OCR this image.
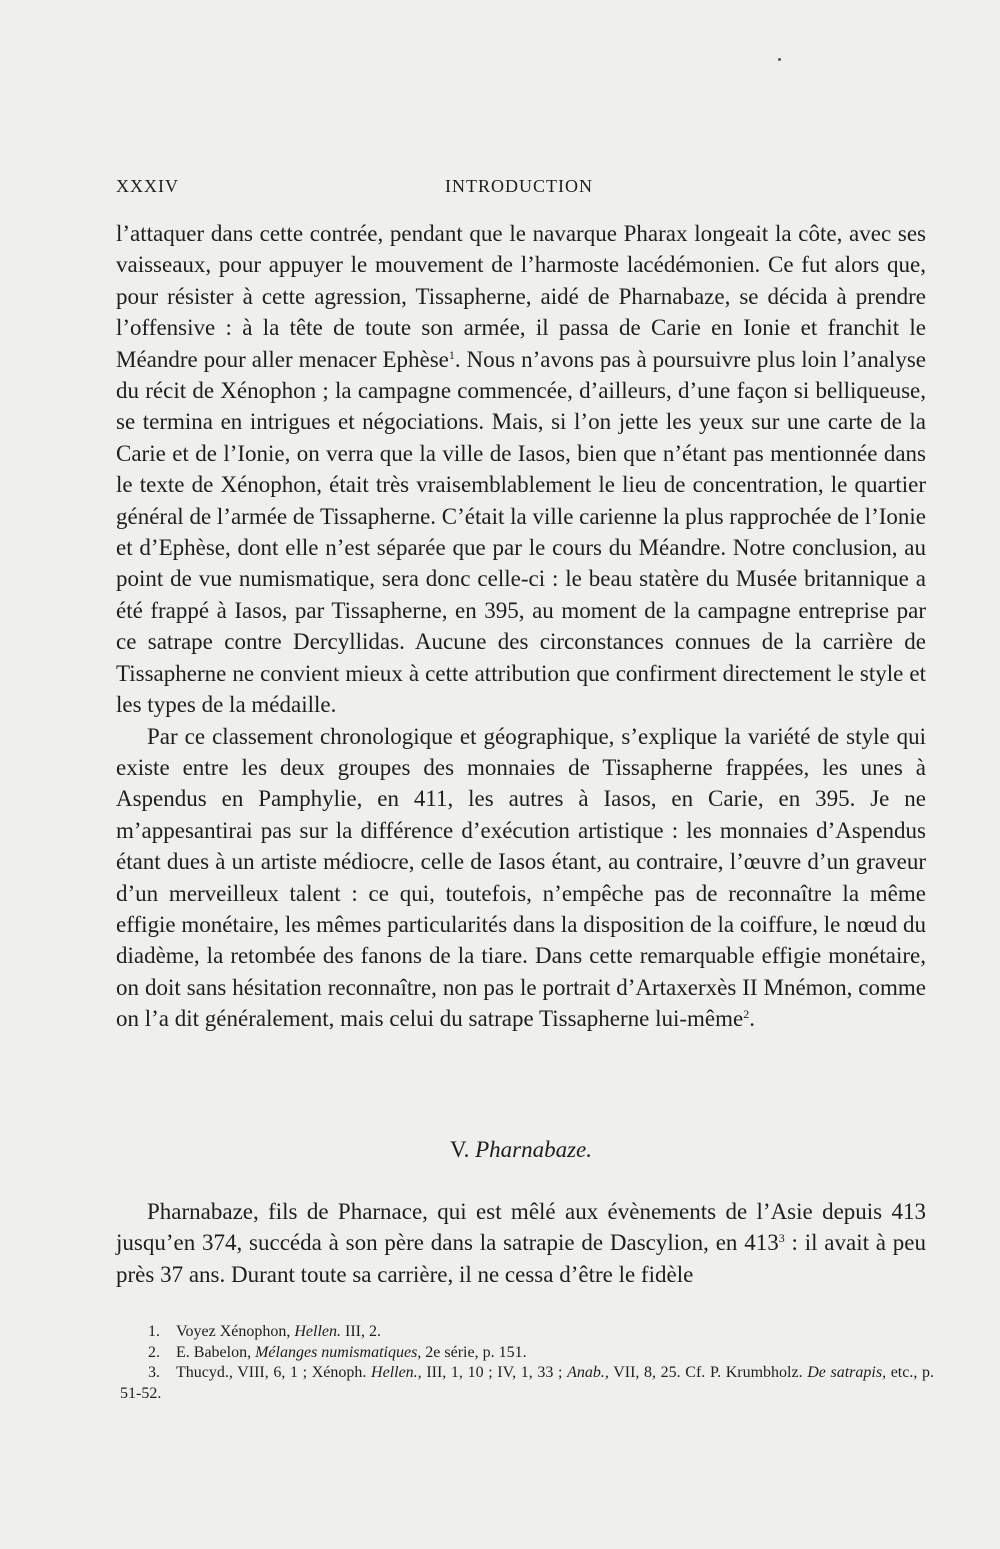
XXXIV	INTRODUCTION

l’attaquer dans cette contrée, pendant que le navarque Pharax longeait la côte, avec ses vaisseaux, pour appuyer le mouvement de l’harmoste lacédémonien. Ce fut alors que, pour résister à cette agression, Tissapherne, aidé de Pharnabaze, se décida à prendre l’offensive : à la tête de toute son armée, il passa de Carie en Ionie et franchit le Méandre pour aller menacer Ephèse$^1$. Nous n’avons pas à poursuivre plus loin l’analyse du récit de Xénophon ; la campagne commencée, d’ailleurs, d’une façon si belliqueuse, se termina en intrigues et négociations. Mais, si l’on jette les yeux sur une carte de la Carie et de l’Ionie, on verra que la ville de Iasos, bien que n’étant pas mentionnée dans le texte de Xénophon, était très vraisemblablement le lieu de concentration, le quartier général de l’armée de Tissapherne. C’était la ville carienne la plus rapprochée de l’Ionie et d’Ephèse, dont elle n’est séparée que par le cours du Méandre. Notre conclusion, au point de vue numismatique, sera donc celle-ci : le beau statère du Musée britannique a été frappé à Iasos, par Tissapherne, en 395, au moment de la campagne entreprise par ce satrape contre Dercyllidas. Aucune des circonstances connues de la carrière de Tissapherne ne convient mieux à cette attribution que confirment directement le style et les types de la médaille.

Par ce classement chronologique et géographique, s’explique la variété de style qui existe entre les deux groupes des monnaies de Tissapherne frappées, les unes à Aspendus en Pamphylie, en 411, les autres à Iasos, en Carie, en 395. Je ne m’appesantirai pas sur la différence d’exécution artistique : les monnaies d’Aspendus étant dues à un artiste médiocre, celle de Iasos étant, au contraire, l’œuvre d’un graveur d’un merveilleux talent : ce qui, toutefois, n’empêche pas de reconnaître la même effigie monétaire, les mêmes particularités dans la disposition de la coiffure, le nœud du diadème, la retombée des fanons de la tiare. Dans cette remarquable effigie monétaire, on doit sans hésitation reconnaître, non pas le portrait d’Artaxerxès II Mnémon, comme on l’a dit généralement, mais celui du satrape Tissapherne lui-même$^2$.

V. Pharnabaze.
Pharnabaze, fils de Pharnace, qui est mêlé aux évènements de l’Asie depuis 413 jusqu’en 374, succéda à son père dans la satrapie de Dascylion, en $413^3$ : il avait à peu près 37 ans. Durant toute sa carrière, il ne cessa d’être le fidèle

1. Voyez Xénophon, Hellen. III, 2.

2. E. Babelon, Mélanges numismatiques, 2e série, p. 151.

3. Thucyd., VIII, 6, 1 ; Xénoph. Hellen., III, 1, 10 ; IV, 1, 33 ; Anab., VII, 8, 25. Cf. P. Krumbholz. De satrapis, etc., p. 51-52.
